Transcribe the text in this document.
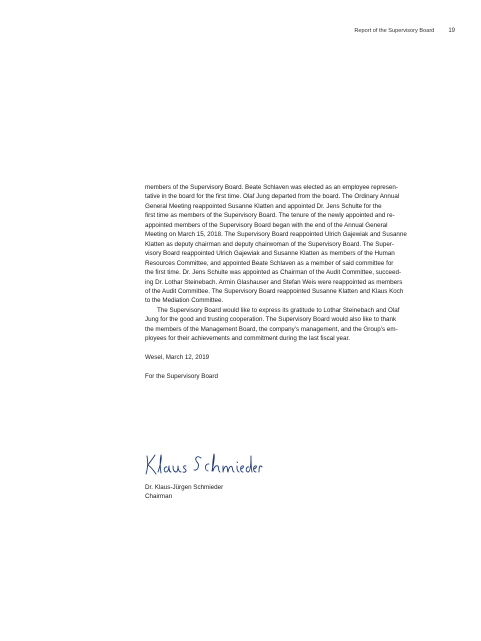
Report of the Supervisory Board 19
members of the Supervisory Board. Beate Schlaven was elected as an employee represen-
tative in the board for the first time. Olaf Jung departed from the board. The Ordinary Annual
General Meeting reappointed Susanne Klatten and appointed Dr. Jens Schulte for the
first time as members of the Supervisory Board. The tenure of the newly appointed and re-
appointed members of the Supervisory Board began with the end of the Annual General
Meeting on March 15, 2018. The Supervisory Board reappointed Ulrich Gajewiak and Susanne
Klatten as deputy chairman and deputy chairwoman of the Supervisory Board. The Super-
visory Board reappointed Ulrich Gajewiak and Susanne Klatten as members of the Human
Resources Committee, and appointed Beate Schlaven as a member of said committee for
the first time. Dr. Jens Schulte was appointed as Chairman of the Audit Committee, succeed-
ing Dr. Lothar Steinebach. Armin Glashauser and Stefan Weis were reappointed as members
of the Audit Committee. The Supervisory Board reappointed Susanne Klatten and Klaus Koch
to the Mediation Committee.
The Supervisory Board would like to express its gratitude to Lothar Steinebach and Olaf
Jung for the good and trusting cooperation. The Supervisory Board would also like to thank
the members of the Management Board, the company’s management, and the Group’s em-
ployees for their achievements and commitment during the last fiscal year.
Wesel, March 12, 2019
For the Supervisory Board
Dr. Klaus-Jürgen Schmieder
Chairman
